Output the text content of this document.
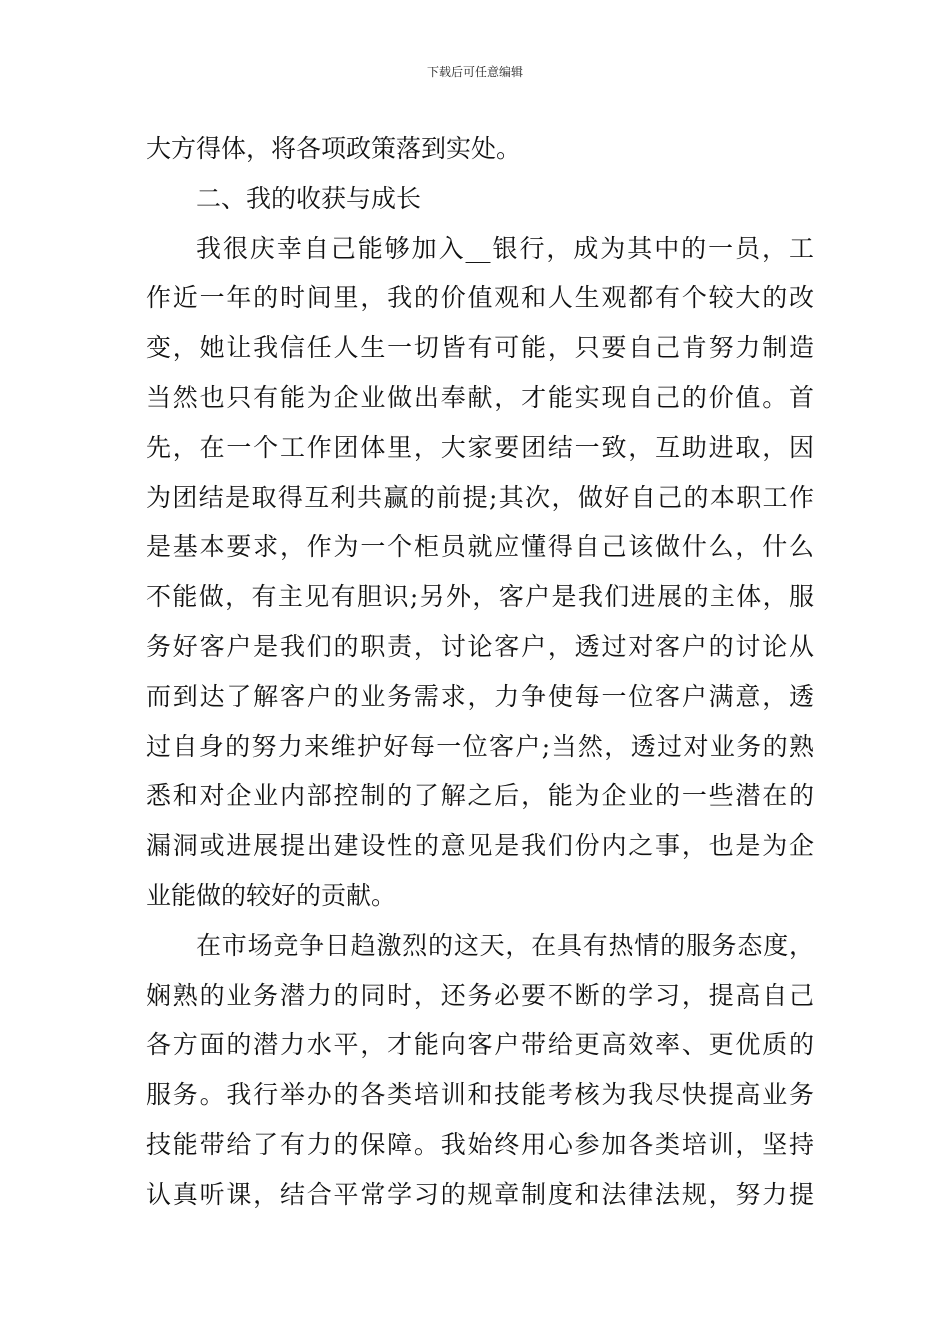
下载后可任意编辑
大方得体，将各项政策落到实处。
二、我的收获与成长
我很庆幸自己能够加入__银行，成为其中的一员，工
作近一年的时间里，我的价值观和人生观都有个较大的改
变，她让我信任人生一切皆有可能，只要自己肯努力制造
当然也只有能为企业做出奉献，才能实现自己的价值。首
先，在一个工作团体里，大家要团结一致，互助进取，因
为团结是取得互利共赢的前提;其次，做好自己的本职工作
是基本要求，作为一个柜员就应懂得自己该做什么，什么
不能做，有主见有胆识;另外，客户是我们进展的主体，服
务好客户是我们的职责，讨论客户，透过对客户的讨论从
而到达了解客户的业务需求，力争使每一位客户满意，透
过自身的努力来维护好每一位客户;当然，透过对业务的熟
悉和对企业内部控制的了解之后，能为企业的一些潜在的
漏洞或进展提出建设性的意见是我们份内之事，也是为企
业能做的较好的贡献。
在市场竞争日趋激烈的这天，在具有热情的服务态度，
娴熟的业务潜力的同时，还务必要不断的学习，提高自己
各方面的潜力水平，才能向客户带给更高效率、更优质的
服务。我行举办的各类培训和技能考核为我尽快提高业务
技能带给了有力的保障。我始终用心参加各类培训，坚持
认真听课，结合平常学习的规章制度和法律法规，努力提
